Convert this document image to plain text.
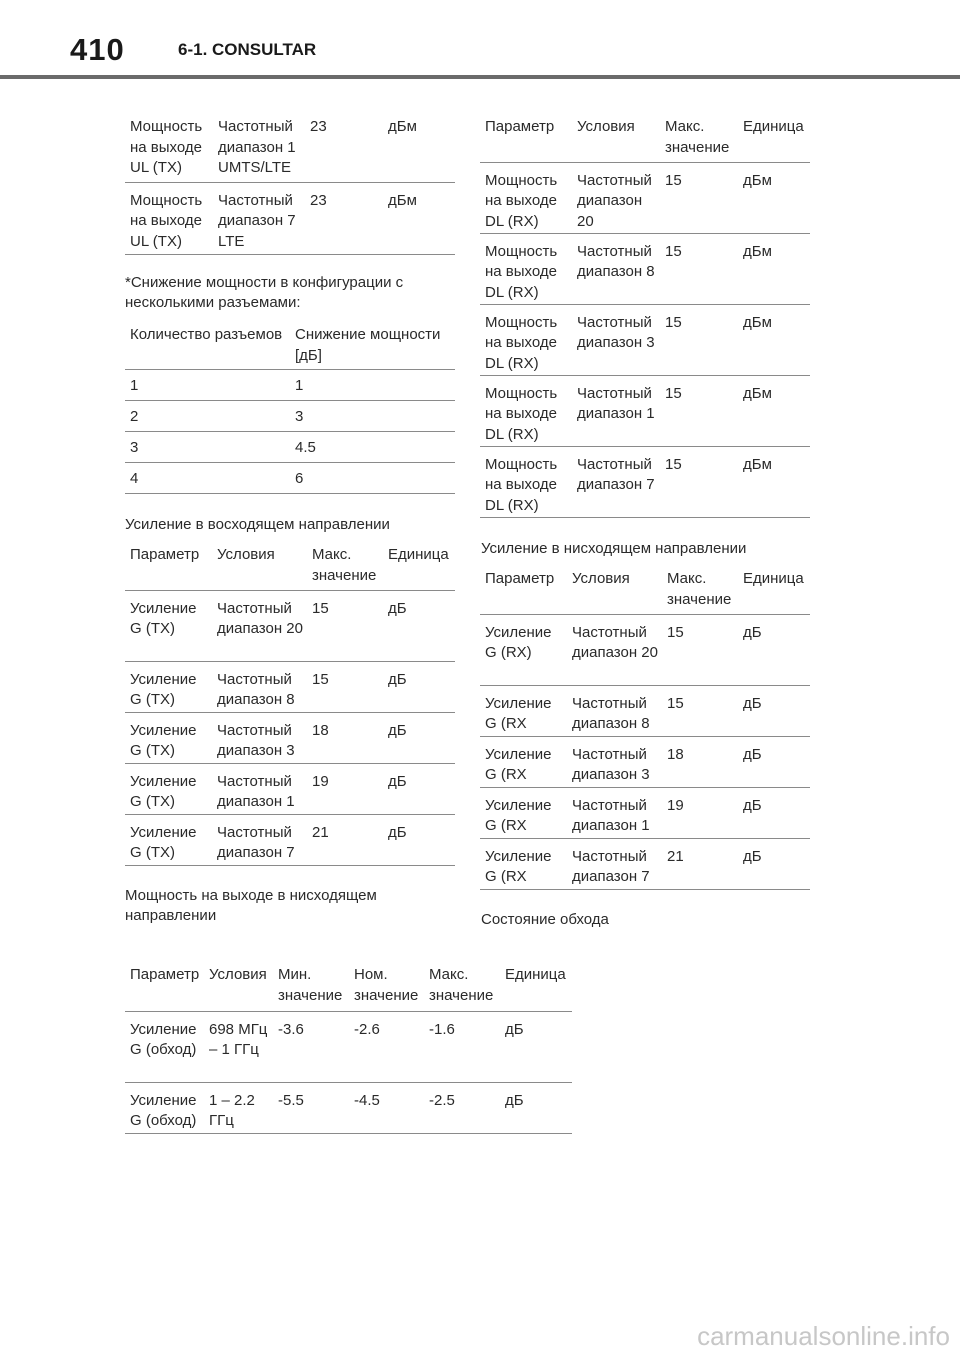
410	6-1. CONSULTAR
Мощность на выходе UL (TX)	Частотный диапазон 1 UMTS/LTE	23	дБм
Мощность на выходе UL (TX)	Частотный диапазон 7 LTE	23	дБм
*Снижение мощности в конфигурации с несколькими разъемами:
Количество разъемов	Снижение мощности [дБ]
1	1
2	3
3	4.5
4	6
Усиление в восходящем направлении
Параметр	Условия	Макс. значение	Единица
Усиление G (TX)	Частотный диапазон 20	15	дБ
Усиление G (TX)	Частотный диапазон 8	15	дБ
Усиление G (TX)	Частотный диапазон 3	18	дБ
Усиление G (TX)	Частотный диапазон 1	19	дБ
Усиление G (TX)	Частотный диапазон 7	21	дБ
Мощность на выходе в нисходящем направлении
Параметр	Условия	Макс. значение	Единица
Мощность на выходе DL (RX)	Частотный диапазон 20	15	дБм
Мощность на выходе DL (RX)	Частотный диапазон 8	15	дБм
Мощность на выходе DL (RX)	Частотный диапазон 3	15	дБм
Мощность на выходе DL (RX)	Частотный диапазон 1	15	дБм
Мощность на выходе DL (RX)	Частотный диапазон 7	15	дБм
Усиление в нисходящем направлении
Параметр	Условия	Макс. значение	Единица
Усиление G (RX)	Частотный диапазон 20	15	дБ
Усиление G (RX	Частотный диапазон 8	15	дБ
Усиление G (RX	Частотный диапазон 3	18	дБ
Усиление G (RX	Частотный диапазон 1	19	дБ
Усиление G (RX	Частотный диапазон 7	21	дБ
Состояние обхода
Параметр	Условия	Мин. значение	Ном. значение	Макс. значение	Единица
Усиление G (обход)	698 МГц – 1 ГГц	-3.6	-2.6	-1.6	дБ
Усиление G (обход)	1 – 2.2 ГГц	-5.5	-4.5	-2.5	дБ
carmanualsonline.info
